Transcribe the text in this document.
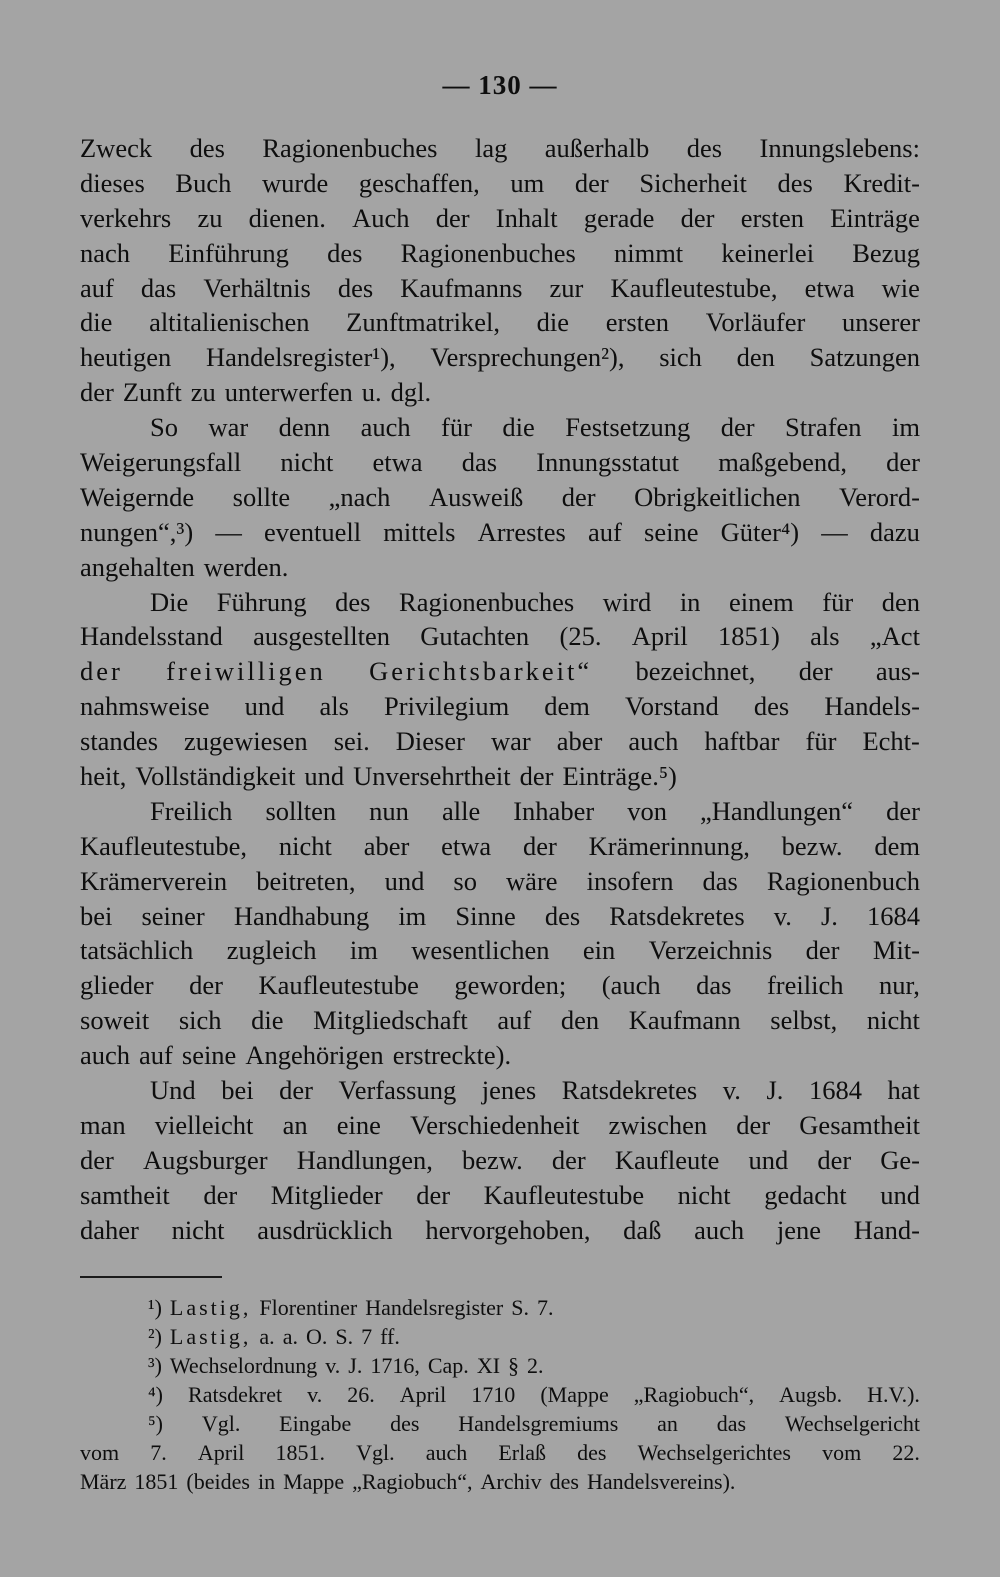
— 130 —
Zweck des Ragionenbuches lag außerhalb des Innungslebens:
dieses Buch wurde geschaffen, um der Sicherheit des Kredit-
verkehrs zu dienen. Auch der Inhalt gerade der ersten Einträge
nach Einführung des Ragionenbuches nimmt keinerlei Bezug
auf das Verhältnis des Kaufmanns zur Kaufleutestube, etwa wie
die altitalienischen Zunftmatrikel, die ersten Vorläufer unserer
heutigen Handelsregister¹), Versprechungen²), sich den Satzungen
der Zunft zu unterwerfen u. dgl.
So war denn auch für die Festsetzung der Strafen im
Weigerungsfall nicht etwa das Innungsstatut maßgebend, der
Weigernde sollte „nach Ausweiß der Obrigkeitlichen Verord-
nungen“,³) — eventuell mittels Arrestes auf seine Güter⁴) — dazu
angehalten werden.
Die Führung des Ragionenbuches wird in einem für den
Handelsstand ausgestellten Gutachten (25. April 1851) als „Act
der freiwilligen Gerichtsbarkeit“ bezeichnet, der aus-
nahmsweise und als Privilegium dem Vorstand des Handels-
standes zugewiesen sei. Dieser war aber auch haftbar für Echt-
heit, Vollständigkeit und Unversehrtheit der Einträge.⁵)
Freilich sollten nun alle Inhaber von „Handlungen“ der
Kaufleutestube, nicht aber etwa der Krämerinnung, bezw. dem
Krämerverein beitreten, und so wäre insofern das Ragionenbuch
bei seiner Handhabung im Sinne des Ratsdekretes v. J. 1684
tatsächlich zugleich im wesentlichen ein Verzeichnis der Mit-
glieder der Kaufleutestube geworden; (auch das freilich nur,
soweit sich die Mitgliedschaft auf den Kaufmann selbst, nicht
auch auf seine Angehörigen erstreckte).
Und bei der Verfassung jenes Ratsdekretes v. J. 1684 hat
man vielleicht an eine Verschiedenheit zwischen der Gesamtheit
der Augsburger Handlungen, bezw. der Kaufleute und der Ge-
samtheit der Mitglieder der Kaufleutestube nicht gedacht und
daher nicht ausdrücklich hervorgehoben, daß auch jene Hand-
¹) Lastig, Florentiner Handelsregister S. 7.
²) Lastig, a. a. O. S. 7 ff.
³) Wechselordnung v. J. 1716, Cap. XI § 2.
⁴) Ratsdekret v. 26. April 1710 (Mappe „Ragiobuch“, Augsb. H.V.).
⁵) Vgl. Eingabe des Handelsgremiums an das Wechselgericht
vom 7. April 1851. Vgl. auch Erlaß des Wechselgerichtes vom 22.
März 1851 (beides in Mappe „Ragiobuch“, Archiv des Handelsvereins).
